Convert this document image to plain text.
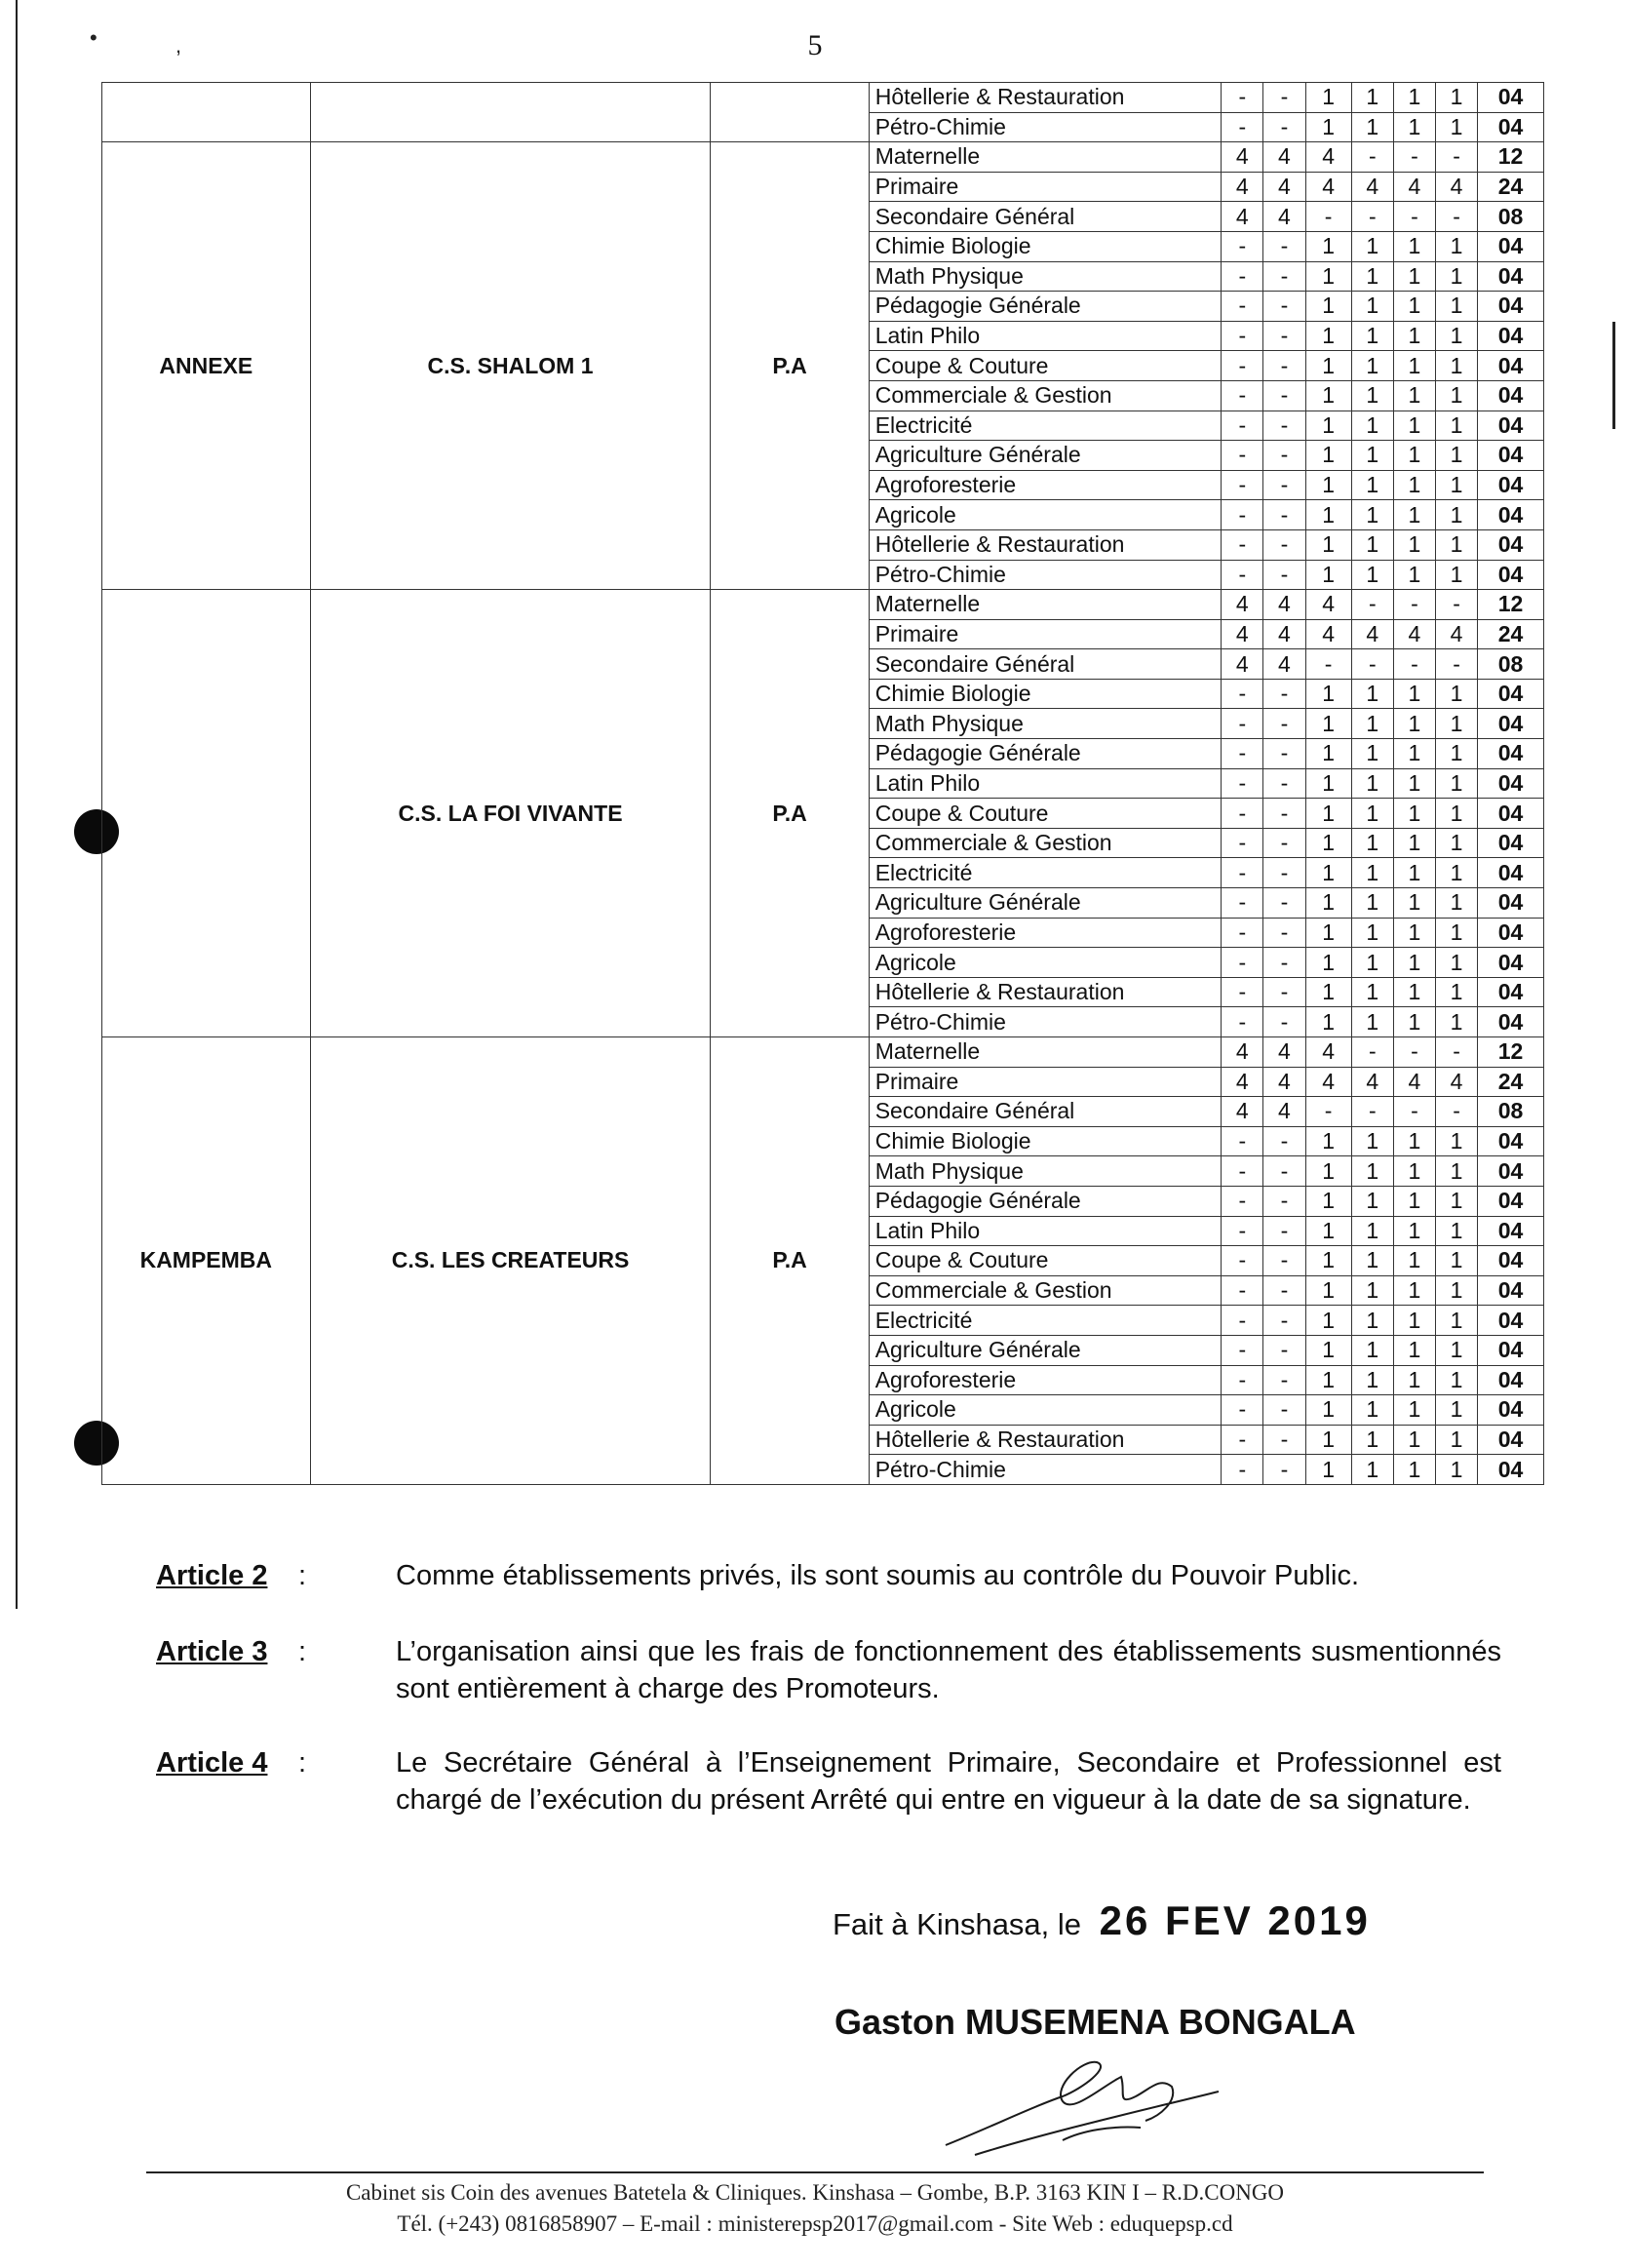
5
•	,
			Hôtellerie & Restauration	-	-	1	1	1	1	04
			Pétro-Chimie	-	-	1	1	1	1	04
ANNEXE	C.S. SHALOM 1	P.A	Maternelle	4	4	4	-	-	-	12
			Primaire	4	4	4	4	4	4	24
			Secondaire Général	4	4	-	-	-	-	08
			Chimie Biologie	-	-	1	1	1	1	04
			Math Physique	-	-	1	1	1	1	04
			Pédagogie Générale	-	-	1	1	1	1	04
			Latin Philo	-	-	1	1	1	1	04
			Coupe & Couture	-	-	1	1	1	1	04
			Commerciale & Gestion	-	-	1	1	1	1	04
			Electricité	-	-	1	1	1	1	04
			Agriculture Générale	-	-	1	1	1	1	04
			Agroforesterie	-	-	1	1	1	1	04
			Agricole	-	-	1	1	1	1	04
			Hôtellerie & Restauration	-	-	1	1	1	1	04
			Pétro-Chimie	-	-	1	1	1	1	04
	C.S. LA FOI VIVANTE	P.A	Maternelle	4	4	4	-	-	-	12
			Primaire	4	4	4	4	4	4	24
			Secondaire Général	4	4	-	-	-	-	08
			Chimie Biologie	-	-	1	1	1	1	04
			Math Physique	-	-	1	1	1	1	04
			Pédagogie Générale	-	-	1	1	1	1	04
			Latin Philo	-	-	1	1	1	1	04
			Coupe & Couture	-	-	1	1	1	1	04
			Commerciale & Gestion	-	-	1	1	1	1	04
			Electricité	-	-	1	1	1	1	04
			Agriculture Générale	-	-	1	1	1	1	04
			Agroforesterie	-	-	1	1	1	1	04
			Agricole	-	-	1	1	1	1	04
			Hôtellerie & Restauration	-	-	1	1	1	1	04
			Pétro-Chimie	-	-	1	1	1	1	04
KAMPEMBA	C.S. LES CREATEURS	P.A	Maternelle	4	4	4	-	-	-	12
			Primaire	4	4	4	4	4	4	24
			Secondaire Général	4	4	-	-	-	-	08
			Chimie Biologie	-	-	1	1	1	1	04
			Math Physique	-	-	1	1	1	1	04
			Pédagogie Générale	-	-	1	1	1	1	04
			Latin Philo	-	-	1	1	1	1	04
			Coupe & Couture	-	-	1	1	1	1	04
			Commerciale & Gestion	-	-	1	1	1	1	04
			Electricité	-	-	1	1	1	1	04
			Agriculture Générale	-	-	1	1	1	1	04
			Agroforesterie	-	-	1	1	1	1	04
			Agricole	-	-	1	1	1	1	04
			Hôtellerie & Restauration	-	-	1	1	1	1	04
			Pétro-Chimie	-	-	1	1	1	1	04
Article 2 :	Comme établissements privés, ils sont soumis au contrôle du Pouvoir Public.
Article 3 :	L’organisation ainsi que les frais de fonctionnement des établissements susmentionnés sont entièrement à charge des Promoteurs.
Article 4 :	Le Secrétaire Général à l’Enseignement Primaire, Secondaire et Professionnel est chargé de l’exécution du présent Arrêté qui entre en vigueur à la date de sa signature.
Fait à Kinshasa, le 26 FEV 2019
Gaston MUSEMENA BONGALA
Cabinet sis Coin des avenues Batetela & Cliniques. Kinshasa – Gombe, B.P. 3163 KIN I – R.D.CONGO
Tél. (+243) 0816858907 – E-mail : ministerepsp2017@gmail.com - Site Web : eduquepsp.cd
